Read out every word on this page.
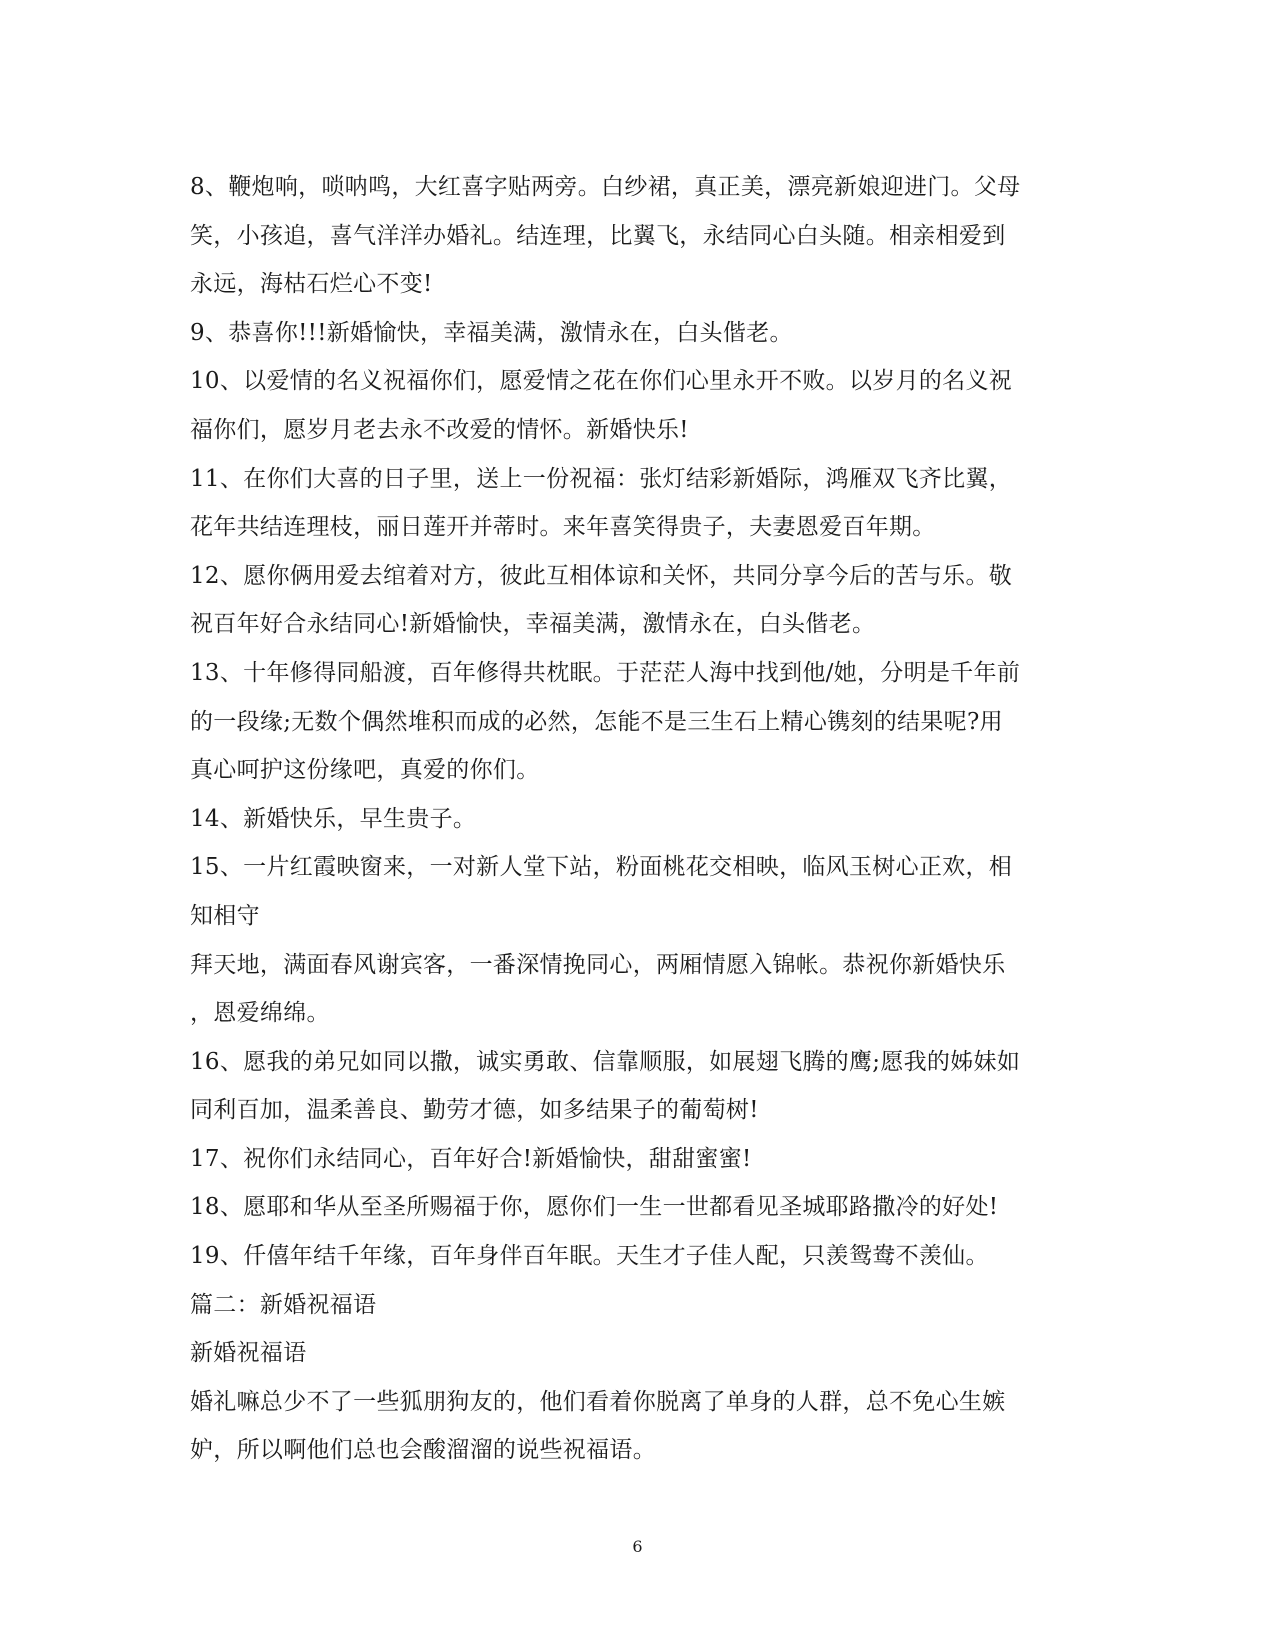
8、鞭炮响，唢呐鸣，大红喜字贴两旁。白纱裙，真正美，漂亮新娘迎进门。父母
笑，小孩追，喜气洋洋办婚礼。结连理，比翼飞，永结同心白头随。相亲相爱到
永远，海枯石烂心不变!
9、恭喜你!!!新婚愉快，幸福美满，激情永在，白头偕老。
10、以爱情的名义祝福你们，愿爱情之花在你们心里永开不败。以岁月的名义祝
福你们，愿岁月老去永不改爱的情怀。新婚快乐!
11、在你们大喜的日子里，送上一份祝福：张灯结彩新婚际，鸿雁双飞齐比翼，
花年共结连理枝，丽日莲开并蒂时。来年喜笑得贵子，夫妻恩爱百年期。
12、愿你俩用爱去绾着对方，彼此互相体谅和关怀，共同分享今后的苦与乐。敬
祝百年好合永结同心!新婚愉快，幸福美满，激情永在，白头偕老。
13、十年修得同船渡，百年修得共枕眠。于茫茫人海中找到他/她，分明是千年前
的一段缘;无数个偶然堆积而成的必然，怎能不是三生石上精心镌刻的结果呢?用
真心呵护这份缘吧，真爱的你们。
14、新婚快乐，早生贵子。
15、一片红霞映窗来，一对新人堂下站，粉面桃花交相映，临风玉树心正欢，相
知相守
拜天地，满面春风谢宾客，一番深情挽同心，两厢情愿入锦帐。恭祝你新婚快乐
，恩爱绵绵。
16、愿我的弟兄如同以撒，诚实勇敢、信靠顺服，如展翅飞腾的鹰;愿我的姊妹如
同利百加，温柔善良、勤劳才德，如多结果子的葡萄树!
17、祝你们永结同心，百年好合!新婚愉快，甜甜蜜蜜!
18、愿耶和华从至圣所赐福于你，愿你们一生一世都看见圣城耶路撒冷的好处!
19、仟僖年结千年缘，百年身伴百年眠。天生才子佳人配，只羡鸳鸯不羡仙。
篇二：新婚祝福语
新婚祝福语
婚礼嘛总少不了一些狐朋狗友的，他们看着你脱离了单身的人群，总不免心生嫉
妒，所以啊他们总也会酸溜溜的说些祝福语。
6
